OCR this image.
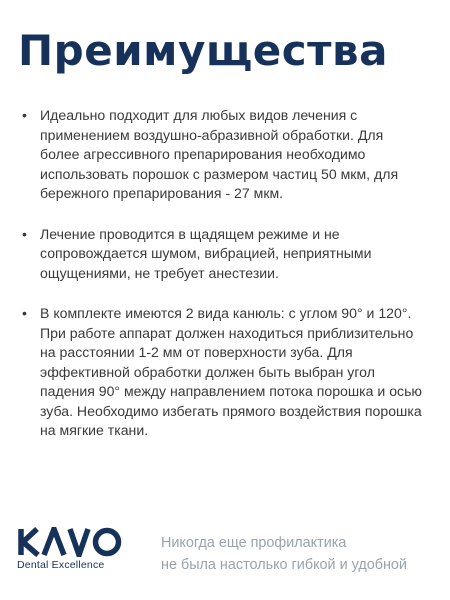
Преимущества
• Идеально подходит для любых видов лечения с применением воздушно-абразивной обработки. Для более агрессивного препарирования необходимо использовать порошок с размером частиц 50 мкм, для бережного препарирования - 27 мкм.
• Лечение проводится в щадящем режиме и не сопровождается шумом, вибрацией, неприятными ощущениями, не требует анестезии.
• В комплекте имеются 2 вида канюль: с углом 90° и 120°. При работе аппарат должен находиться приблизительно на расстоянии 1-2 мм от поверхности зуба. Для эффективной обработки должен быть выбран угол падения 90° между направлением потока порошка и осью зуба. Необходимо избегать прямого воздействия порошка на мягкие ткани.
Dental Excellence
Никогда еще профилактика
не была настолько гибкой и удобной
